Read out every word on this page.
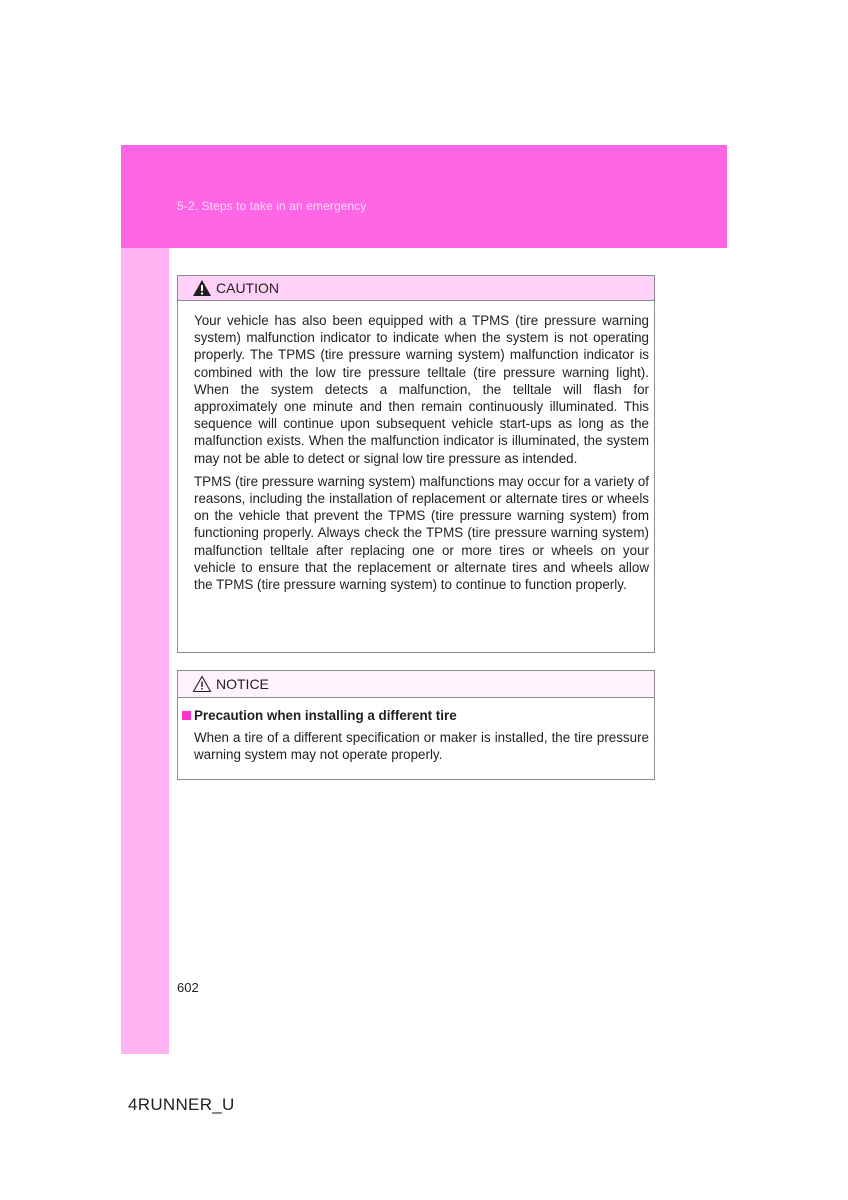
5-2. Steps to take in an emergency
CAUTION

Your vehicle has also been equipped with a TPMS (tire pressure warning system) malfunction indicator to indicate when the system is not operating properly. The TPMS (tire pressure warning system) malfunction indicator is combined with the low tire pressure telltale (tire pressure warning light). When the system detects a malfunction, the telltale will flash for approximately one minute and then remain continuously illuminated. This sequence will continue upon subsequent vehicle start-ups as long as the malfunction exists. When the malfunction indicator is illuminated, the system may not be able to detect or signal low tire pressure as intended.

TPMS (tire pressure warning system) malfunctions may occur for a variety of reasons, including the installation of replacement or alternate tires or wheels on the vehicle that prevent the TPMS (tire pressure warning system) from functioning properly. Always check the TPMS (tire pressure warning system) malfunction telltale after replacing one or more tires or wheels on your vehicle to ensure that the replacement or alternate tires and wheels allow the TPMS (tire pressure warning system) to continue to function properly.

NOTICE
Precaution when installing a different tire

When a tire of a different specification or maker is installed, the tire pressure warning system may not operate properly.

602
4RUNNER_U
